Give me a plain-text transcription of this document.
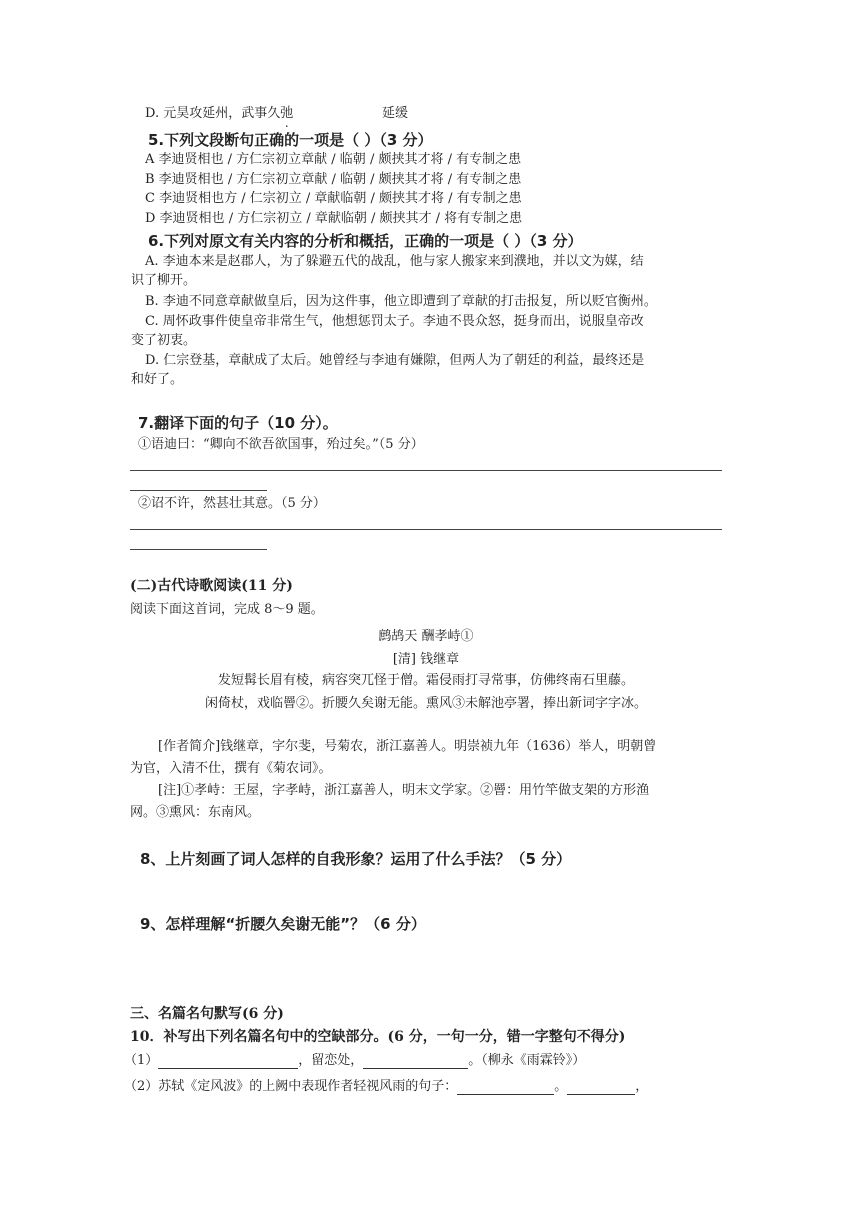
D. 元昊攻延州，武事久弛	延缓
5.下列文段断句正确的一项是（ ）（3 分）
A 李迪贤相也 / 方仁宗初立章献 / 临朝 / 颇挟其才将 / 有专制之患
B 李迪贤相也 / 方仁宗初立章献 / 临朝 / 颇挟其才将 / 有专制之患
C 李迪贤相也方 / 仁宗初立 / 章献临朝 / 颇挟其才将 / 有专制之患
D 李迪贤相也 / 方仁宗初立 / 章献临朝 / 颇挟其才 / 将有专制之患
6.下列对原文有关内容的分析和概括，正确的一项是（ ）（3 分）
A. 李迪本来是赵郡人，为了躲避五代的战乱，他与家人搬家来到濮地，并以文为媒，结
识了柳开。
B. 李迪不同意章献做皇后，因为这件事，他立即遭到了章献的打击报复，所以贬官衡州。
C. 周怀政事件使皇帝非常生气，他想惩罚太子。李迪不畏众怒，挺身而出，说服皇帝改
变了初衷。
D. 仁宗登基，章献成了太后。她曾经与李迪有嫌隙，但两人为了朝廷的利益，最终还是
和好了。
7.翻译下面的句子（10 分）。
①语迪曰：“卿向不欲吾欲国事，殆过矣。”（5 分）
②诏不许，然甚壮其意。（5 分）
(二)古代诗歌阅读(11 分)
阅读下面这首词，完成 8～9 题。
鹧鸪天 酬孝峙①
[清] 钱继章
发短髯长眉有棱，病容突兀怪于僧。霜侵雨打寻常事，仿佛终南石里藤。
闲倚杖，戏临罾②。折腰久矣谢无能。熏风③未解池亭署，捧出新词字字冰。
[作者简介]钱继章，字尔斐，号菊农，浙江嘉善人。明崇祯九年（1636）举人，明朝曾
为官，入清不仕，撰有《菊农词》。
[注]①孝峙：王屋，字孝峙，浙江嘉善人，明末文学家。②罾：用竹竿做支架的方形渔
网。③熏风：东南风。
8、上片刻画了词人怎样的自我形象？运用了什么手法？（5 分）
9、怎样理解“折腰久矣谢无能”？（6 分）
三、名篇名句默写(6 分)
10．补写出下列名篇名句中的空缺部分。(6 分，一句一分，错一字整句不得分)
（1）	，留恋处，	。（柳永《雨霖铃》）
（2）苏轼《定风波》的上阙中表现作者轻视风雨的句子：	。	，
